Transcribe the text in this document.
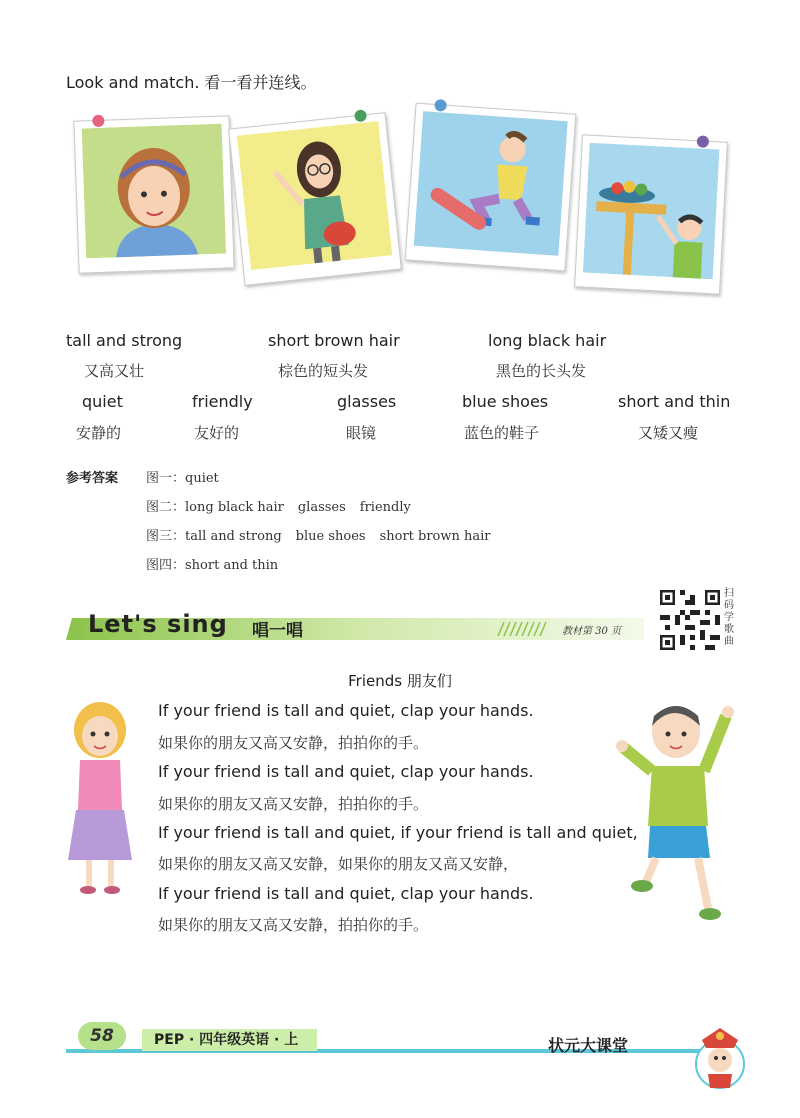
Look and match. 看一看并连线。
tall and strong
又高又壮
short brown hair
棕色的短头发
long black hair
黑色的长头发
quiet
安静的
friendly
友好的
glasses
眼镜
blue shoes
蓝色的鞋子
short and thin
又矮又瘦
参考答案 图一：quiet
图二：long black hair glasses friendly
图三：tall and strong blue shoes short brown hair
图四：short and thin
Let's sing 唱一唱	教材第 30 页
扫码学歌曲
Friends 朋友们
If your friend is tall and quiet, clap your hands.
如果你的朋友又高又安静，拍拍你的手。
If your friend is tall and quiet, clap your hands.
如果你的朋友又高又安静，拍拍你的手。
If your friend is tall and quiet, if your friend is tall and quiet,
如果你的朋友又高又安静，如果你的朋友又高又安静，
If your friend is tall and quiet, clap your hands.
如果你的朋友又高又安静，拍拍你的手。
58	PEP · 四年级英语 · 上	状元大课堂
